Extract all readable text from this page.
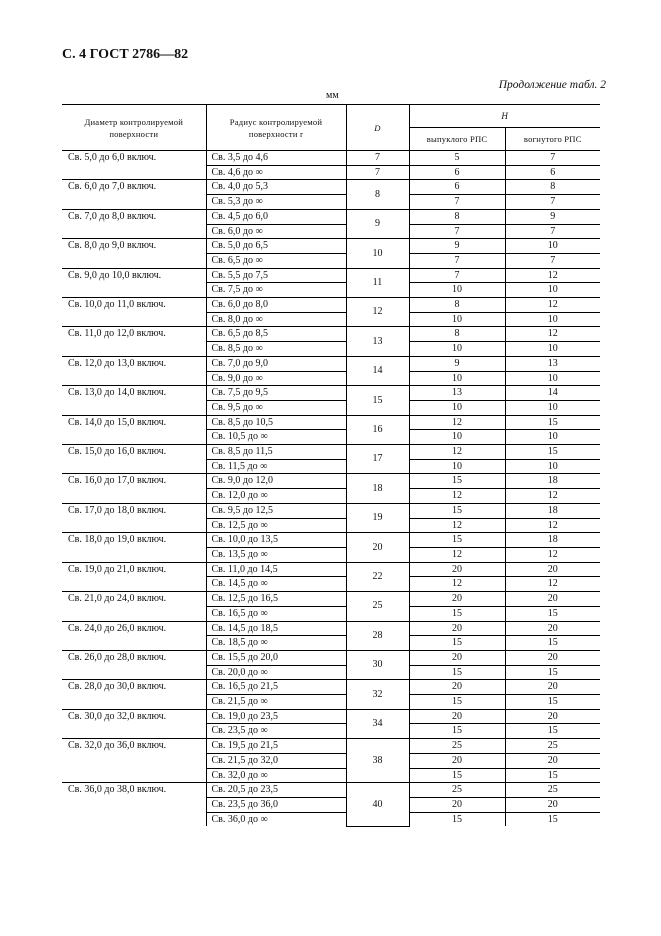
С. 4 ГОСТ 2786—82
Продолжение табл. 2
мм
Диаметр контролируемой поверхности	Радиус контролируемой поверхности r	D	H	
			выпуклого РПС	вогнутого РПС
Св. 5,0 до 6,0 включ.	Св. 3,5 до 4,6	7	5	7
	Св. 4,6 до ∞	7	6	6
Св. 6,0 до 7,0 включ.	Св. 4,0 до 5,3	8	6	8
	Св. 5,3 до ∞		7	7
Св. 7,0 до 8,0 включ.	Св. 4,5 до 6,0	9	8	9
	Св. 6,0 до ∞		7	7
Св. 8,0 до 9,0 включ.	Св. 5,0 до 6,5	10	9	10
	Св. 6,5 до ∞		7	7
Св. 9,0 до 10,0 включ.	Св. 5,5 до 7,5	11	7	12
	Св. 7,5 до ∞		10	10
Св. 10,0 до 11,0 включ.	Св. 6,0 до 8,0	12	8	12
	Св. 8,0 до ∞		10	10
Св. 11,0 до 12,0 включ.	Св. 6,5 до 8,5	13	8	12
	Св. 8,5 до ∞		10	10
Св. 12,0 до 13,0 включ.	Св. 7,0 до 9,0	14	9	13
	Св. 9,0 до ∞		10	10
Св. 13,0 до 14,0 включ.	Св. 7,5 до 9,5	15	13	14
	Св. 9,5 до ∞		10	10
Св. 14,0 до 15,0 включ.	Св. 8,5 до 10,5	16	12	15
	Св. 10,5 до ∞		10	10
Св. 15,0 до 16,0 включ.	Св. 8,5 до 11,5	17	12	15
	Св. 11,5 до ∞		10	10
Св. 16,0 до 17,0 включ.	Св. 9,0 до 12,0	18	15	18
	Св. 12,0 до ∞		12	12
Св. 17,0 до 18,0 включ.	Св. 9,5 до 12,5	19	15	18
	Св. 12,5 до ∞		12	12
Св. 18,0 до 19,0 включ.	Св. 10,0 до 13,5	20	15	18
	Св. 13,5 до ∞		12	12
Св. 19,0 до 21,0 включ.	Св. 11,0 до 14,5	22	20	20
	Св. 14,5 до ∞		12	12
Св. 21,0 до 24,0 включ.	Св. 12,5 до 16,5	25	20	20
	Св. 16,5 до ∞		15	15
Св. 24,0 до 26,0 включ.	Св. 14,5 до 18,5	28	20	20
	Св. 18,5 до ∞		15	15
Св. 26,0 до 28,0 включ.	Св. 15,5 до 20,0	30	20	20
	Св. 20,0 до ∞		15	15
Св. 28,0 до 30,0 включ.	Св. 16,5 до 21,5	32	20	20
	Св. 21,5 до ∞		15	15
Св. 30,0 до 32,0 включ.	Св. 19,0 до 23,5	34	20	20
	Св. 23,5 до ∞		15	15
Св. 32,0 до 36,0 включ.	Св. 19,5 до 21,5	38	25	25
	Св. 21,5 до 32,0		20	20
	Св. 32,0 до ∞		15	15
Св. 36,0 до 38,0 включ.	Св. 20,5 до 23,5	40	25	25
	Св. 23,5 до 36,0		20	20
	Св. 36,0 до ∞		15	15
